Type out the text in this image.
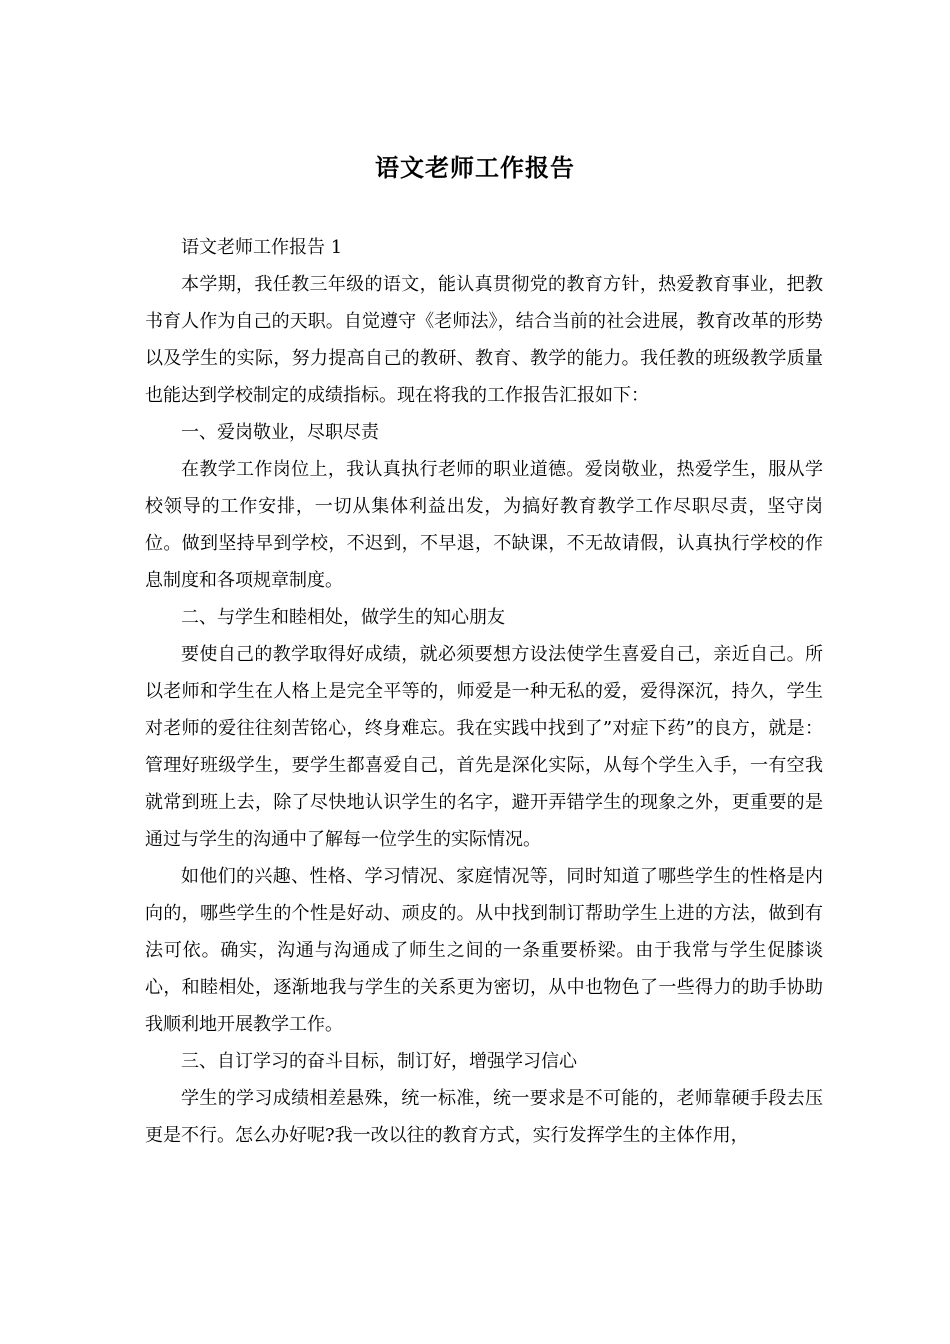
语文老师工作报告

语文老师工作报告 1

本学期，我任教三年级的语文，能认真贯彻党的教育方针，热爱教育事业，把教书育人作为自己的天职。自觉遵守《老师法》，结合当前的社会进展，教育改革的形势以及学生的实际，努力提高自己的教研、教育、教学的能力。我任教的班级教学质量也能达到学校制定的成绩指标。现在将我的工作报告汇报如下：

一、爱岗敬业，尽职尽责

在教学工作岗位上，我认真执行老师的职业道德。爱岗敬业，热爱学生，服从学校领导的工作安排，一切从集体利益出发，为搞好教育教学工作尽职尽责，坚守岗位。做到坚持早到学校，不迟到，不早退，不缺课，不无故请假，认真执行学校的作息制度和各项规章制度。

二、与学生和睦相处，做学生的知心朋友

要使自己的教学取得好成绩，就必须要想方设法使学生喜爱自己，亲近自己。所以老师和学生在人格上是完全平等的，师爱是一种无私的爱，爱得深沉，持久，学生对老师的爱往往刻苦铭心，终身难忘。我在实践中找到了”对症下药”的良方，就是：管理好班级学生，要学生都喜爱自己，首先是深化实际，从每个学生入手，一有空我就常到班上去，除了尽快地认识学生的名字，避开弄错学生的现象之外，更重要的是通过与学生的沟通中了解每一位学生的实际情况。

如他们的兴趣、性格、学习情况、家庭情况等，同时知道了哪些学生的性格是内向的，哪些学生的个性是好动、顽皮的。从中找到制订帮助学生上进的方法，做到有法可依。确实，沟通与沟通成了师生之间的一条重要桥梁。由于我常与学生促膝谈心，和睦相处，逐渐地我与学生的关系更为密切，从中也物色了一些得力的助手协助我顺利地开展教学工作。

三、自订学习的奋斗目标，制订好，增强学习信心

学生的学习成绩相差悬殊，统一标准，统一要求是不可能的，老师靠硬手段去压更是不行。怎么办好呢?我一改以往的教育方式，实行发挥学生的主体作用，
